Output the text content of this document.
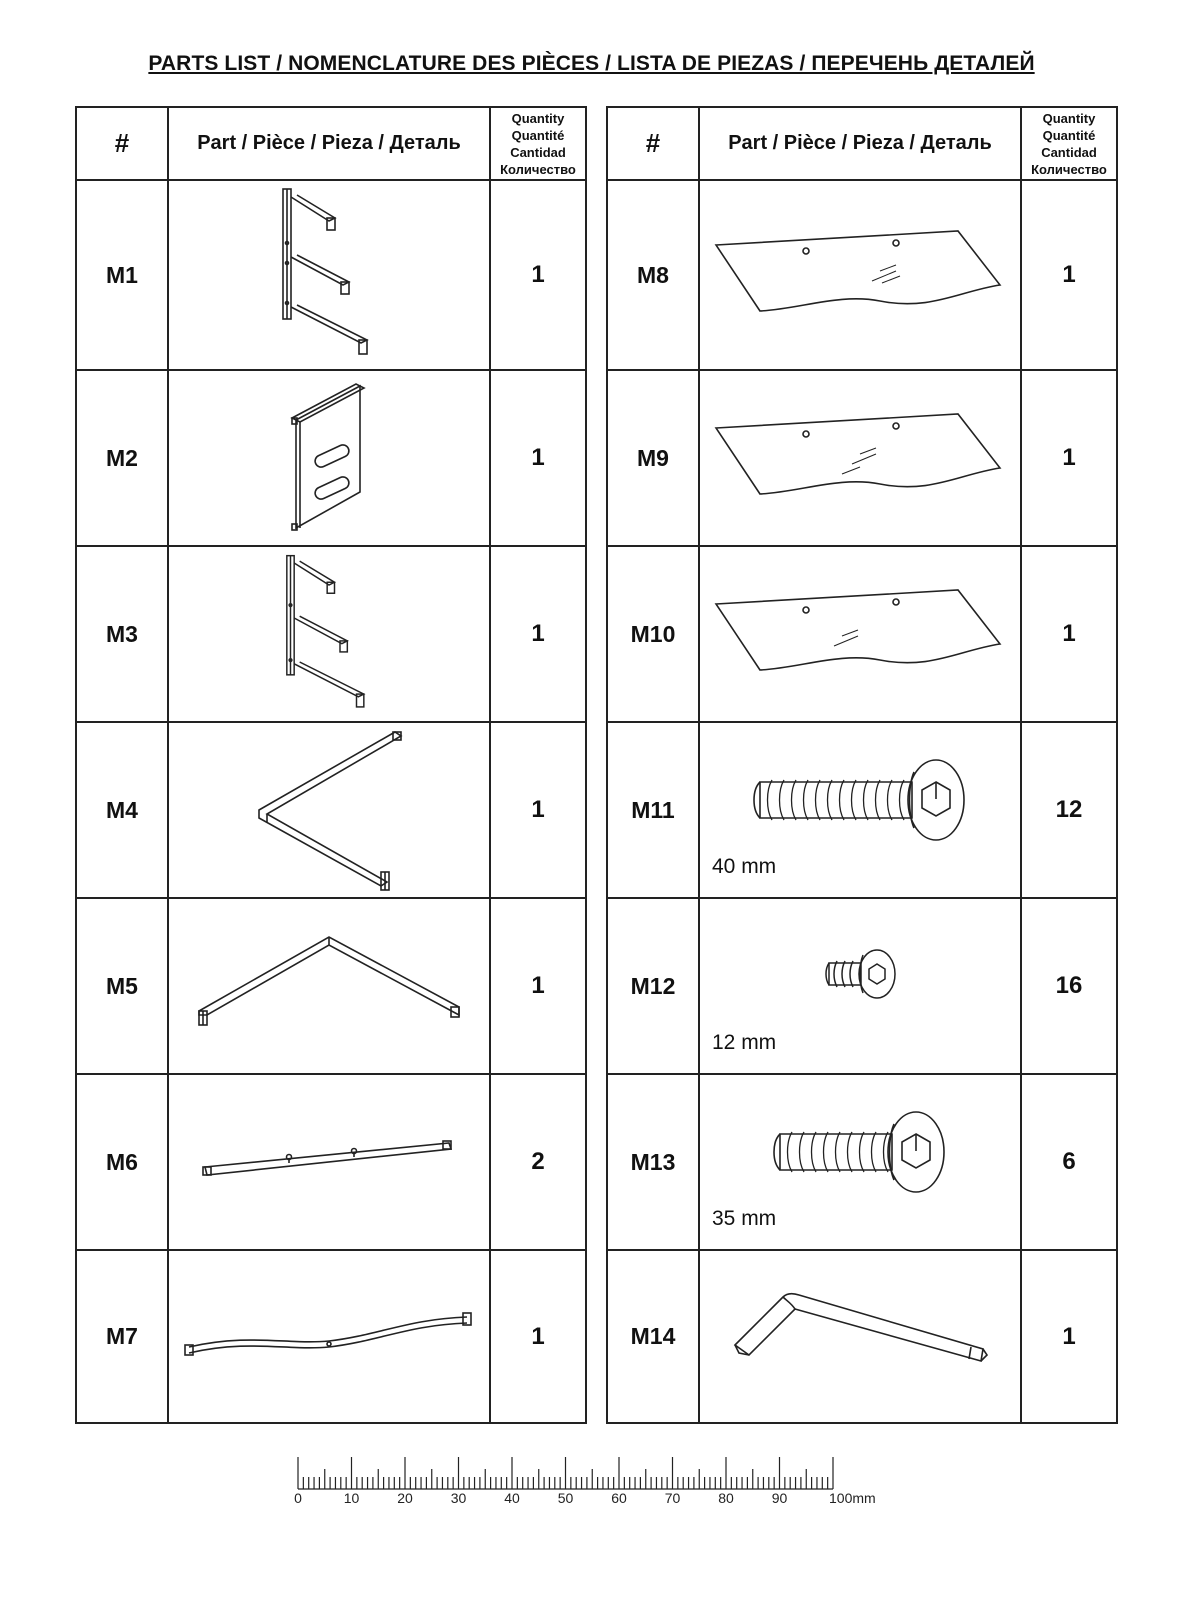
PARTS LIST / NOMENCLATURE DES PIÈCES / LISTA DE PIEZAS / ПЕРЕЧЕНЬ ДЕТАЛЕЙ
#	Part / Pièce / Pieza / Деталь	Quantity
Quantité
Cantidad
Количество

M1		1
M2		1
M3		1
M4		1
M5		1
M6		2
M7		1
#	Part / Pièce / Pieza / Деталь	Quantity
Quantité
Cantidad
Количество

M8		1
M9		1
M10		1
M11	40 mm	12
M12	12 mm	16
M13	35 mm	6
M14		1
0	10	20	30	40	50	60	70	80	90	100mm
